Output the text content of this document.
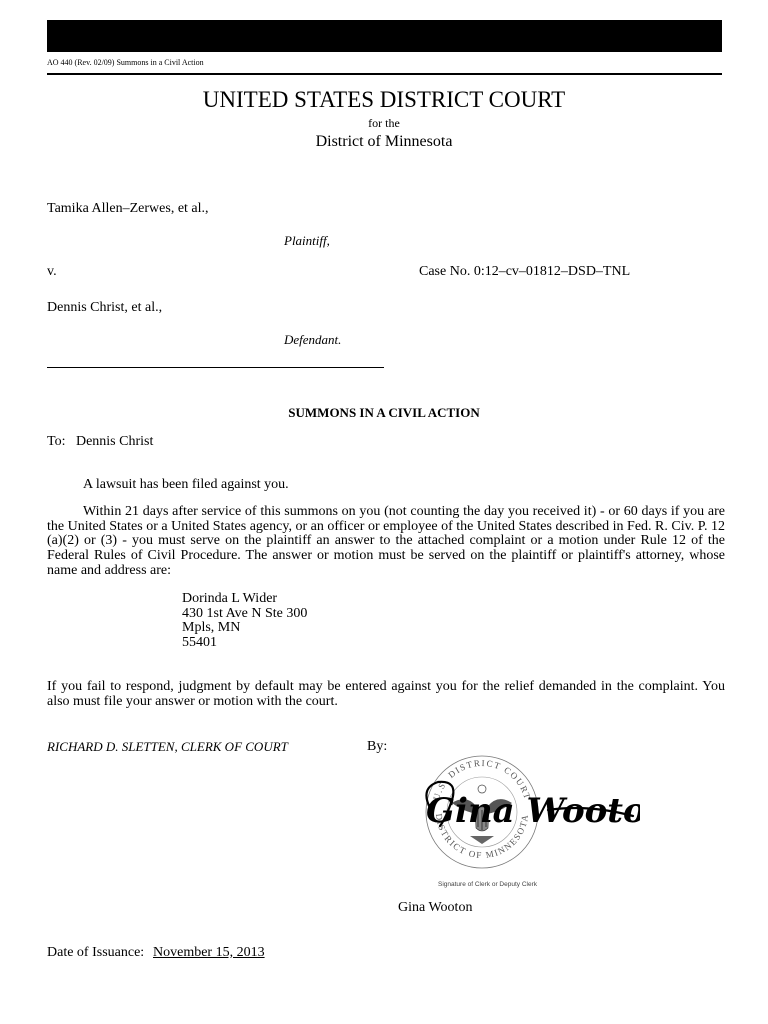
AO 440 (Rev. 02/09) Summons in a Civil Action
UNITED STATES DISTRICT COURT
for the
District of Minnesota
Tamika Allen–Zerwes, et al.,
Plaintiff,
v.	Case No. 0:12–cv–01812–DSD–TNL
Dennis Christ, et al.,
Defendant.
SUMMONS IN A CIVIL ACTION
To: Dennis Christ
A lawsuit has been filed against you.

Within 21 days after service of this summons on you (not counting the day you received it) - or 60 days if you are the United States or a United States agency, or an officer or employee of the United States described in Fed. R. Civ. P. 12 (a)(2) or (3) - you must serve on the plaintiff an answer to the attached complaint or a motion under Rule 12 of the Federal Rules of Civil Procedure. The answer or motion must be served on the plaintiff or plaintiff's attorney, whose name and address are:

Dorinda L Wider
430 1st Ave N Ste 300
Mpls, MN
55401

If you fail to respond, judgment by default may be entered against you for the relief demanded in the complaint. You also must file your answer or motion with the court.

RICHARD D. SLETTEN, CLERK OF COURT	By:
U.S. DISTRICT COURT
DISTRICT OF MINNESOTA
Gina Woot
Signature of Clerk or Deputy Clerk
Gina Wooton
Date of Issuance: November 15, 2013
